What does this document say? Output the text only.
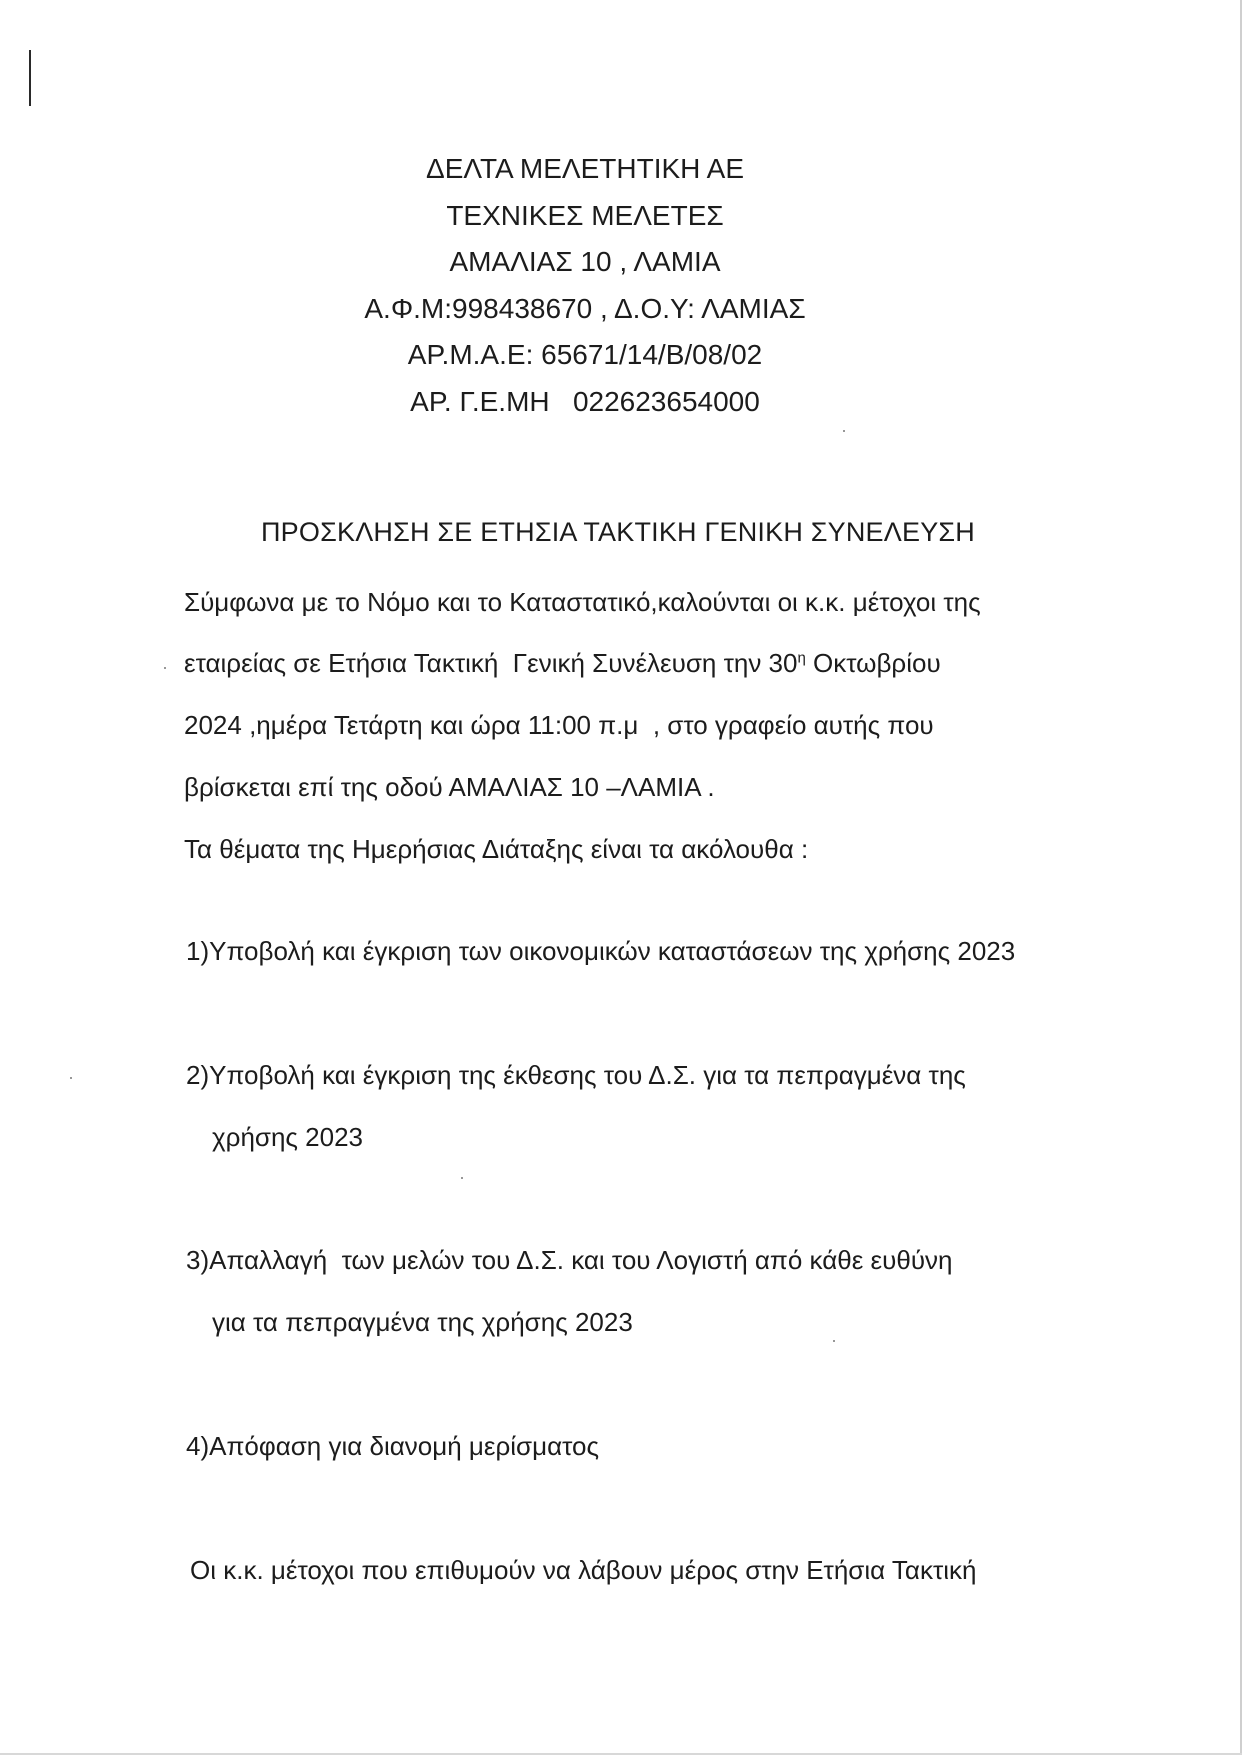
ΔΕΛΤΑ ΜΕΛΕΤΗΤΙΚΗ ΑΕ
ΤΕΧΝΙΚΕΣ ΜΕΛΕΤΕΣ
ΑΜΑΛΙΑΣ 10 , ΛΑΜΙΑ
Α.Φ.Μ:998438670 , Δ.Ο.Υ: ΛΑΜΙΑΣ
ΑΡ.Μ.Α.Ε: 65671/14/Β/08/02
ΑΡ. Γ.Ε.ΜΗ   022623654000
ΠΡΟΣΚΛΗΣΗ ΣΕ ΕΤΗΣΙΑ ΤΑΚΤΙΚΗ ΓΕΝΙΚΗ ΣΥΝΕΛΕΥΣΗ
Σύμφωνα με το Νόμο και το Καταστατικό,καλούνται οι κ.κ. μέτοχοι της
εταιρείας σε Ετήσια Τακτική  Γενική Συνέλευση την $30^\eta$ Οκτωβρίου
2024 ,ημέρα Τετάρτη και ώρα 11:00 π.μ  , στο γραφείο αυτής που
βρίσκεται επί της οδού ΑΜΑΛΙΑΣ 10 –ΛΑΜΙΑ .
Τα θέματα της Ημερήσιας Διάταξης είναι τα ακόλουθα :
1)Υποβολή και έγκριση των οικονομικών καταστάσεων της χρήσης 2023
2)Υποβολή και έγκριση της έκθεσης του Δ.Σ. για τα πεπραγμένα της
χρήσης 2023
3)Απαλλαγή  των μελών του Δ.Σ. και του Λογιστή από κάθε ευθύνη
για τα πεπραγμένα της χρήσης 2023
4)Απόφαση για διανομή μερίσματος
Οι κ.κ. μέτοχοι που επιθυμούν να λάβουν μέρος στην Ετήσια Τακτική
